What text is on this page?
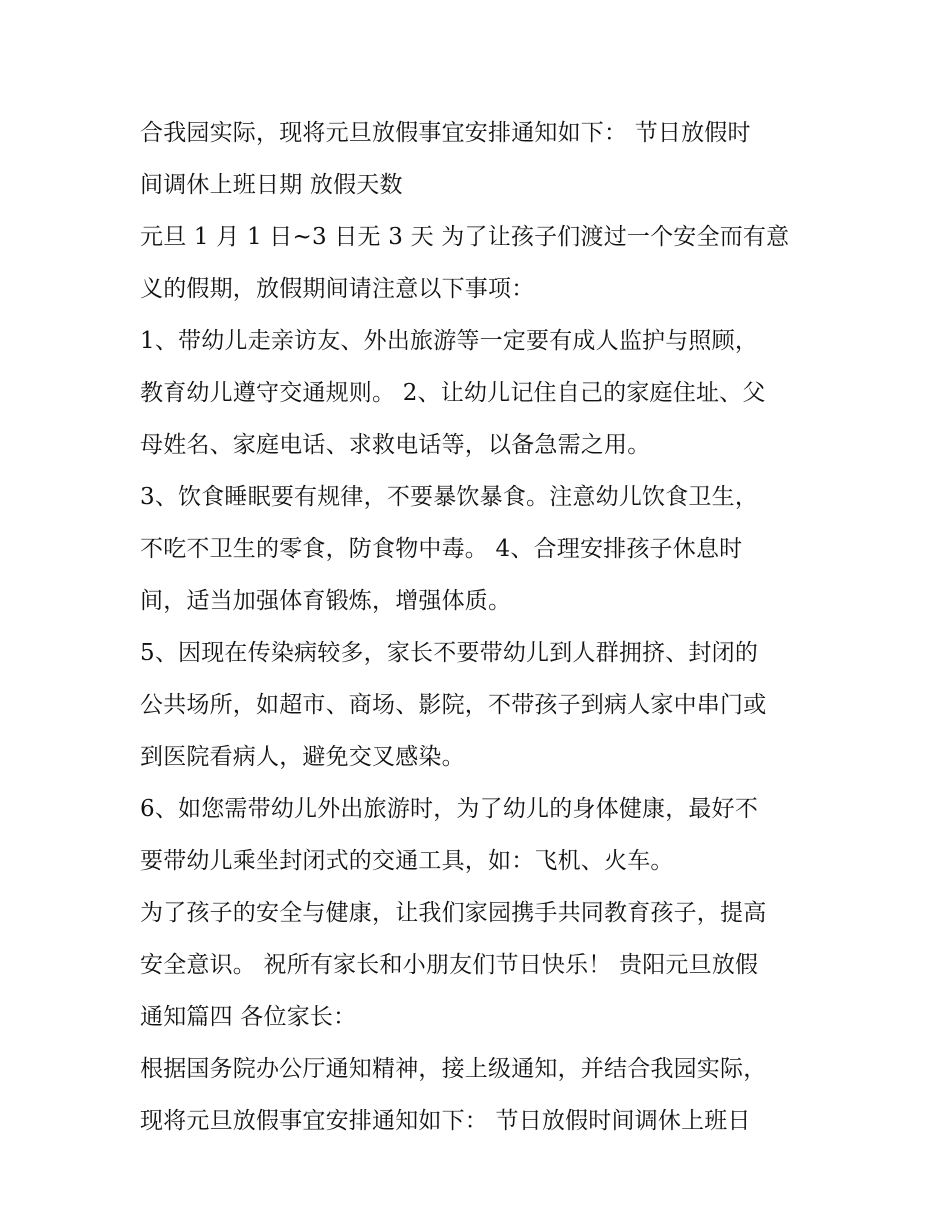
合我园实际，现将元旦放假事宜安排通知如下： 节日放假时
间调休上班日期 放假天数
元旦 1 月 1 日~3 日无 3 天 为了让孩子们渡过一个安全而有意
义的假期，放假期间请注意以下事项：
1、带幼儿走亲访友、外出旅游等一定要有成人监护与照顾，
教育幼儿遵守交通规则。 2、让幼儿记住自己的家庭住址、父
母姓名、家庭电话、求救电话等，以备急需之用。
3、饮食睡眠要有规律，不要暴饮暴食。注意幼儿饮食卫生，
不吃不卫生的零食，防食物中毒。 4、合理安排孩子休息时
间，适当加强体育锻炼，增强体质。
5、因现在传染病较多，家长不要带幼儿到人群拥挤、封闭的
公共场所，如超市、商场、影院，不带孩子到病人家中串门或
到医院看病人，避免交叉感染。
6、如您需带幼儿外出旅游时，为了幼儿的身体健康，最好不
要带幼儿乘坐封闭式的交通工具，如：飞机、火车。
为了孩子的安全与健康，让我们家园携手共同教育孩子，提高
安全意识。 祝所有家长和小朋友们节日快乐！ 贵阳元旦放假
通知篇四 各位家长：
根据国务院办公厅通知精神，接上级通知，并结合我园实际，
现将元旦放假事宜安排通知如下： 节日放假时间调休上班日
